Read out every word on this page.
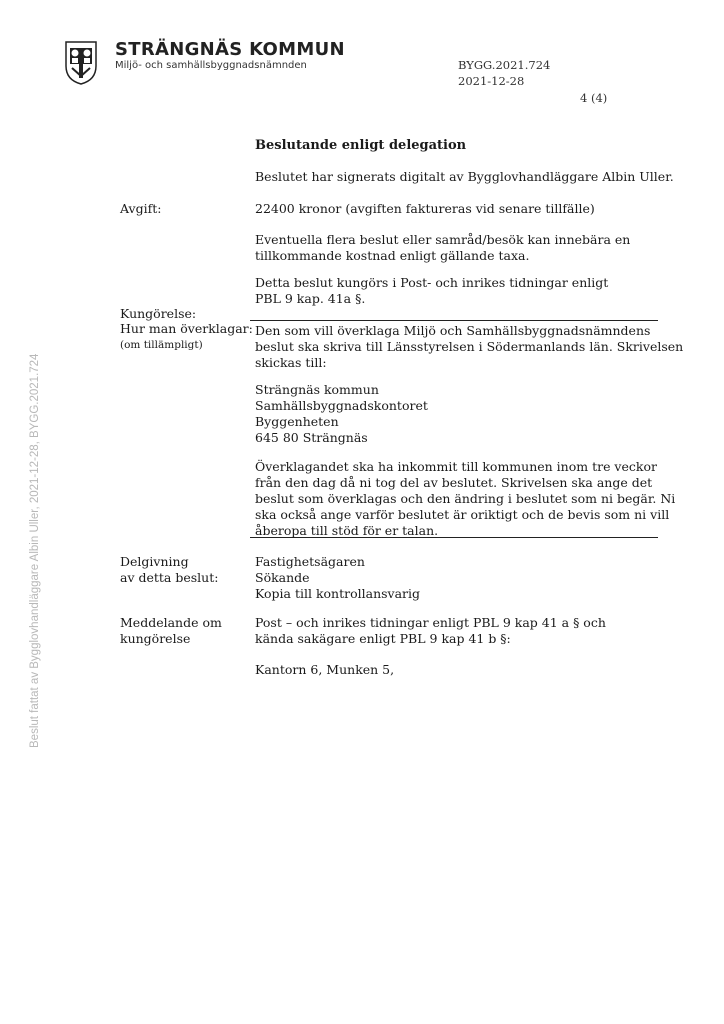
STRÄNGNÄS KOMMUN
Miljö- och samhällsbyggnadsnämnden	BYGG.2021.724
2021-12-28
4 (4)
Beslut fattat av Bygglovhandläggare Albin Uller, 2021-12-28, BYGG.2021.724
Beslutande enligt delegation
Beslutet har signerats digitalt av Bygglovhandläggare Albin Uller.
Avgift:	22400 kronor (avgiften faktureras vid senare tillfälle)
Eventuella flera beslut eller samråd/besök kan innebära en
tillkommande kostnad enligt gällande taxa.
Detta beslut kungörs i Post- och inrikes tidningar enligt
PBL 9 kap. 41a §.
Kungörelse:
Hur man överklagar:
(om tillämpligt)
Den som vill överklaga Miljö och Samhällsbyggnadsnämndens
beslut ska skriva till Länsstyrelsen i Södermanlands län. Skrivelsen
skickas till:
Strängnäs kommun
Samhällsbyggnadskontoret
Byggenheten
645 80 Strängnäs
Överklagandet ska ha inkommit till kommunen inom tre veckor
från den dag då ni tog del av beslutet. Skrivelsen ska ange det
beslut som överklagas och den ändring i beslutet som ni begär. Ni
ska också ange varför beslutet är oriktigt och de bevis som ni vill
åberopa till stöd för er talan.
Delgivning
av detta beslut:
Fastighetsägaren
Sökande
Kopia till kontrollansvarig
Meddelande om
kungörelse
Post – och inrikes tidningar enligt PBL 9 kap 41 a § och
kända sakägare enligt PBL 9 kap 41 b §:
Kantorn 6, Munken 5,
